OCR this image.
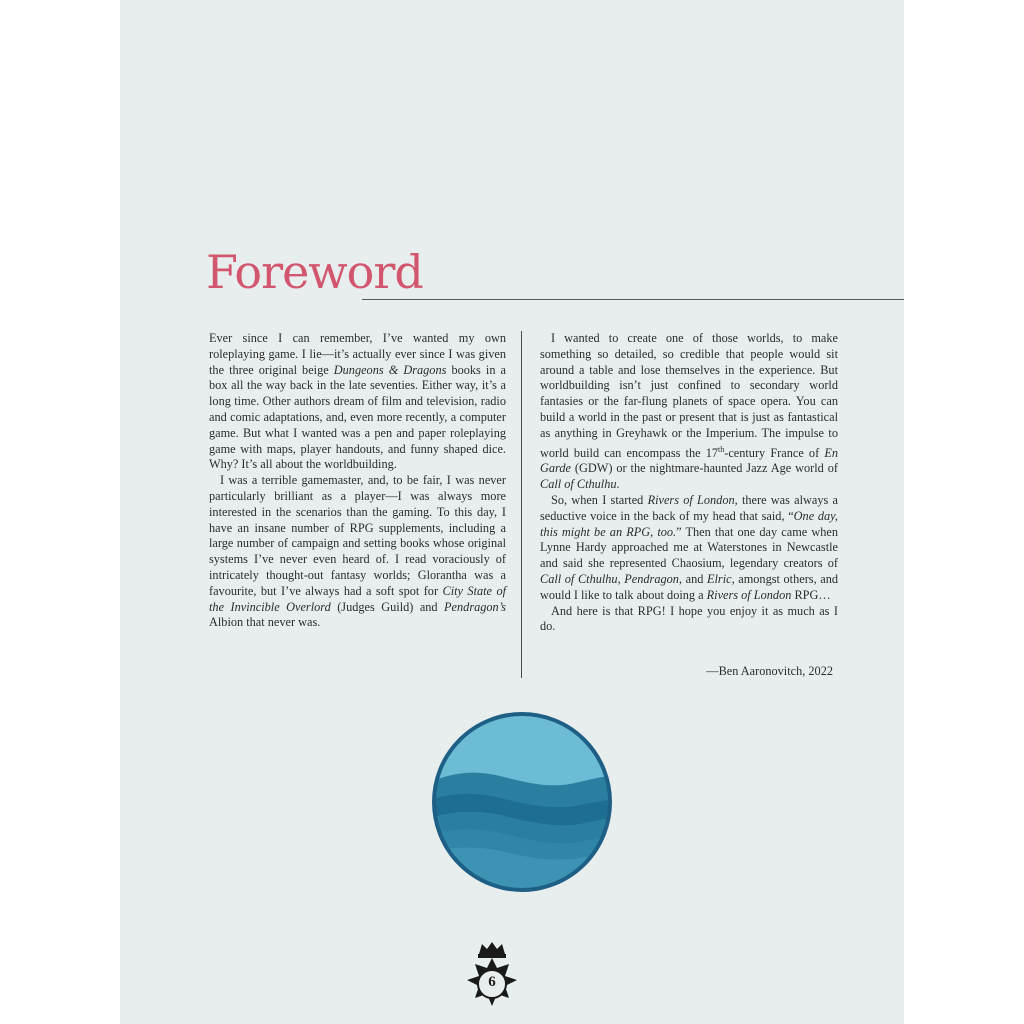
Foreword

Ever since I can remember, I’ve wanted my own roleplaying game. I lie—it’s actually ever since I was given the three original beige Dungeons & Dragons books in a box all the way back in the late seventies. Either way, it’s a long time. Other authors dream of film and television, radio and comic adaptations, and, even more recently, a computer game. But what I wanted was a pen and paper roleplaying game with maps, player handouts, and funny shaped dice. Why? It’s all about the worldbuilding.

I was a terrible gamemaster, and, to be fair, I was never particularly brilliant as a player—I was always more interested in the scenarios than the gaming. To this day, I have an insane number of RPG supplements, including a large number of campaign and setting books whose original systems I’ve never even heard of. I read voraciously of intricately thought-out fantasy worlds; Glorantha was a favourite, but I’ve always had a soft spot for City State of the Invincible Overlord (Judges Guild) and Pendragon’s Albion that never was.

I wanted to create one of those worlds, to make something so detailed, so credible that people would sit around a table and lose themselves in the experience. But worldbuilding isn’t just confined to secondary world fantasies or the far-flung planets of space opera. You can build a world in the past or present that is just as fantastical as anything in Greyhawk or the Imperium. The impulse to world build can encompass the 17th-century France of En Garde (GDW) or the nightmare-haunted Jazz Age world of Call of Cthulhu.

So, when I started Rivers of London, there was always a seductive voice in the back of my head that said, “One day, this might be an RPG, too.” Then that one day came when Lynne Hardy approached me at Waterstones in Newcastle and said she represented Chaosium, legendary creators of Call of Cthulhu, Pendragon, and Elric, amongst others, and would I like to talk about doing a Rivers of London RPG…

And here is that RPG! I hope you enjoy it as much as I do.

—Ben Aaronovitch, 2022
6
